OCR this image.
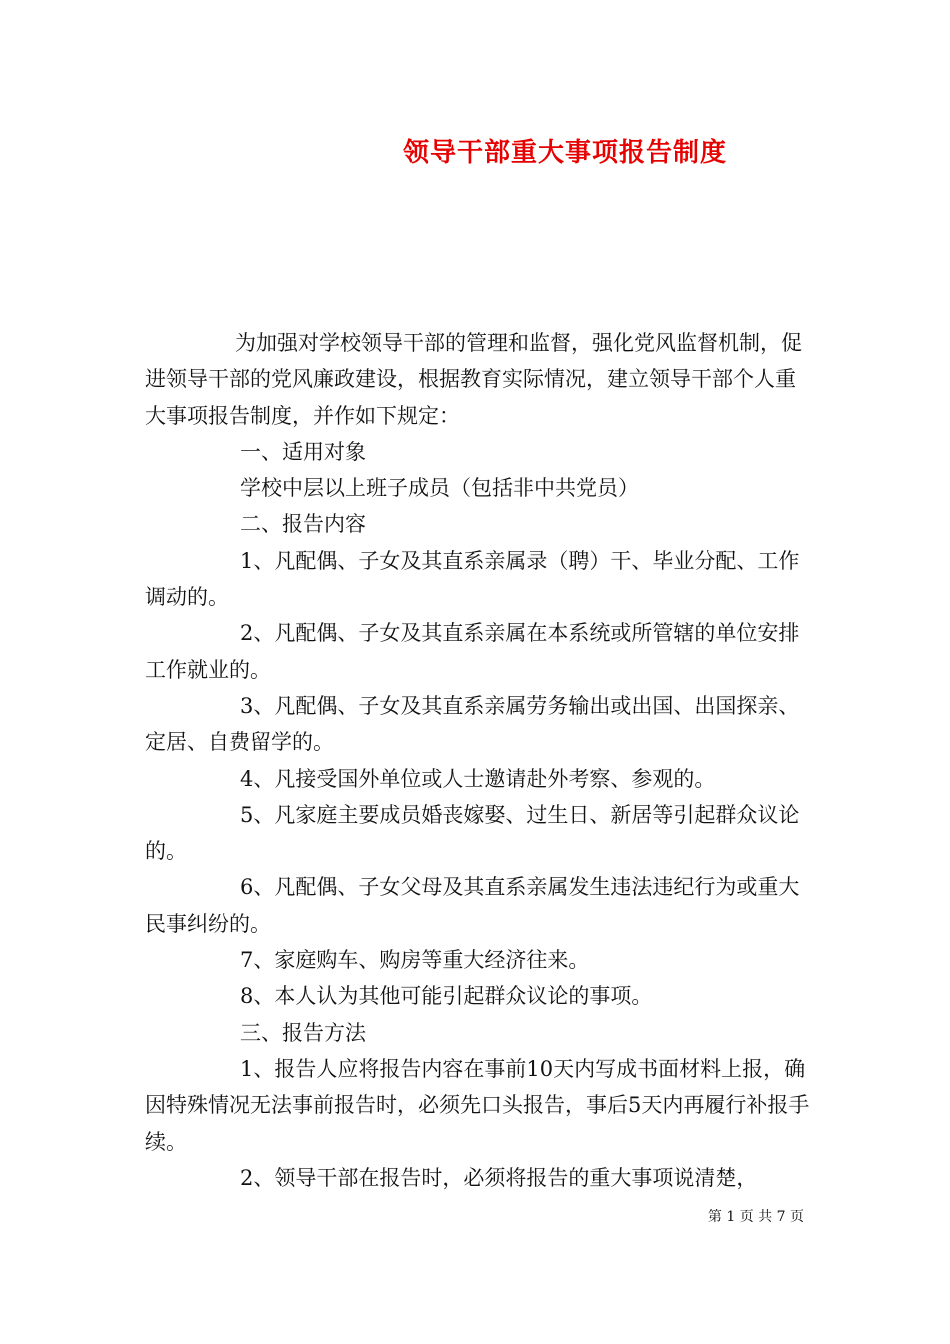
领导干部重大事项报告制度

为加强对学校领导干部的管理和监督，强化党风监督机制，促进领导干部的党风廉政建设，根据教育实际情况，建立领导干部个人重大事项报告制度，并作如下规定：

一、适用对象

学校中层以上班子成员（包括非中共党员）

二、报告内容

1、凡配偶、子女及其直系亲属录（聘）干、毕业分配、工作调动的。

2、凡配偶、子女及其直系亲属在本系统或所管辖的单位安排工作就业的。

3、凡配偶、子女及其直系亲属劳务输出或出国、出国探亲、定居、自费留学的。

4、凡接受国外单位或人士邀请赴外考察、参观的。

5、凡家庭主要成员婚丧嫁娶、过生日、新居等引起群众议论的。

6、凡配偶、子女父母及其直系亲属发生违法违纪行为或重大民事纠纷的。

7、家庭购车、购房等重大经济往来。

8、本人认为其他可能引起群众议论的事项。

三、报告方法

1、报告人应将报告内容在事前10天内写成书面材料上报，确因特殊情况无法事前报告时，必须先口头报告，事后5天内再履行补报手续。

2、领导干部在报告时，必须将报告的重大事项说清楚，

第 1 页 共 7 页
